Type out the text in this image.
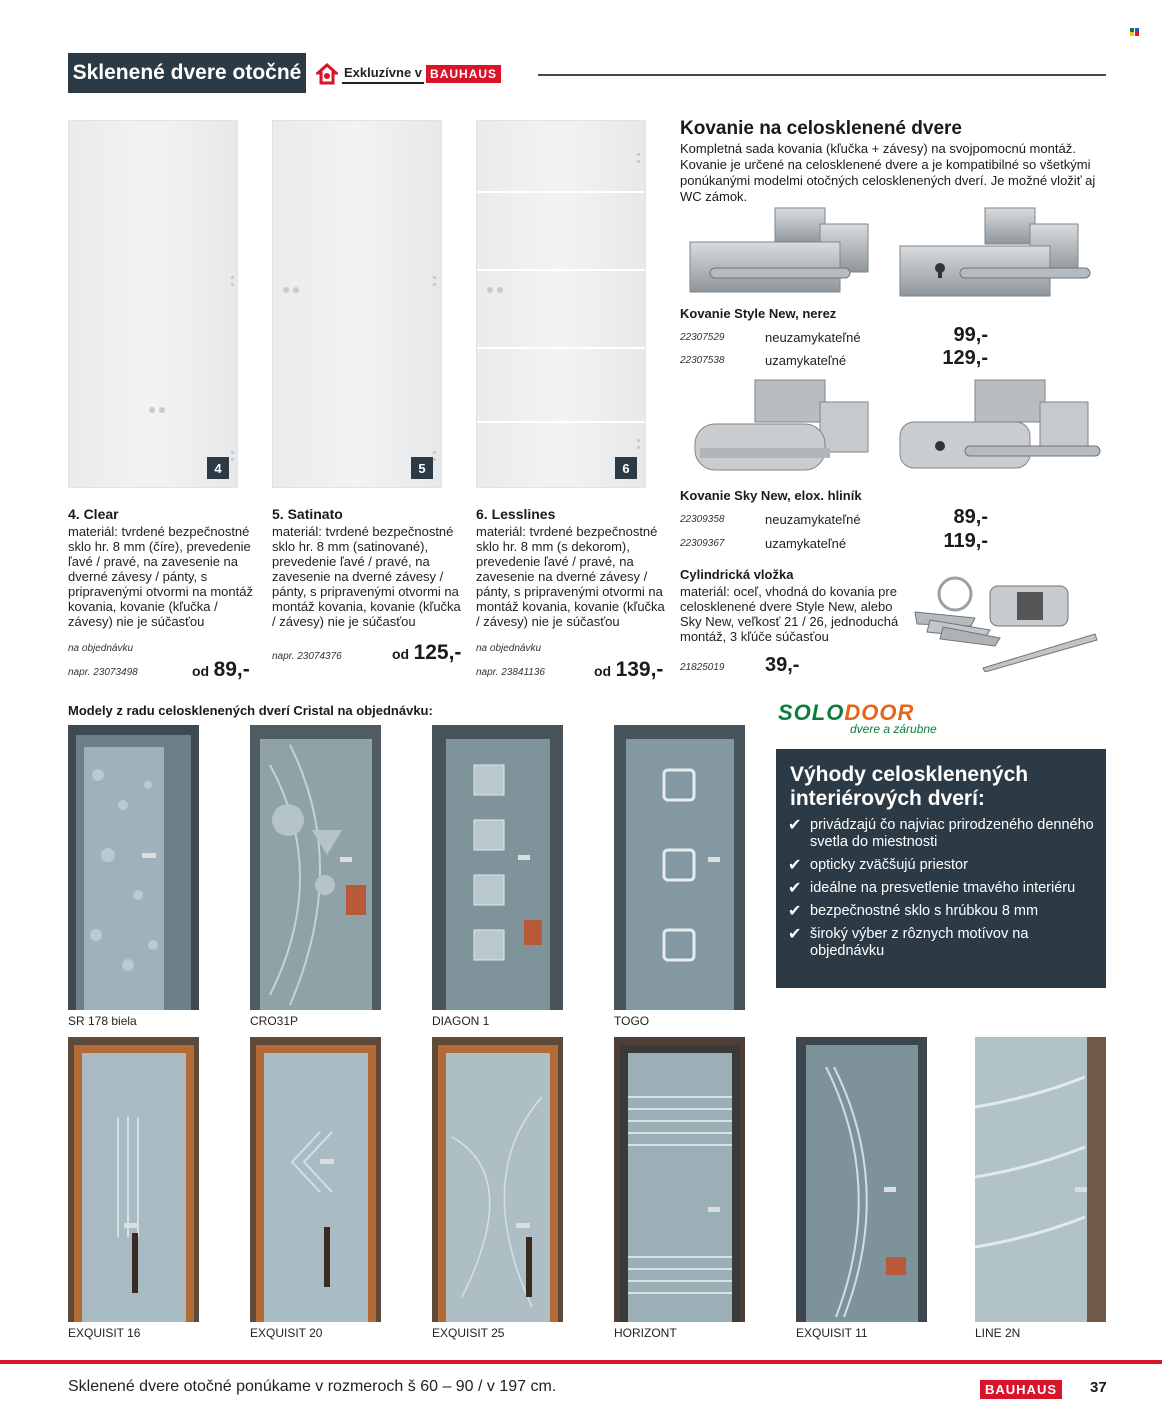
Sklenené dvere otočné	Exkluzívne v BAUHAUS
4	5	6
4. Clear
materiál: tvrdené bezpečnostné sklo hr. 8 mm (číre), prevedenie ľavé / pravé, na zavesenie na dverné závesy / pánty, s pripravenými otvormi na montáž kovania, kovanie (kľučka / závesy) nie je súčasťou
na objednávku
napr. 23073498	od 89,-
5. Satinato
materiál: tvrdené bezpečnostné sklo hr. 8 mm (satinované), prevedenie ľavé / pravé, na zavesenie na dverné závesy / pánty, s pripravenými otvormi na montáž kovania, kovanie (kľučka / závesy) nie je súčasťou
napr. 23074376	od 125,-
6. Lesslines
materiál: tvrdené bezpečnostné sklo hr. 8 mm (s dekorom), prevedenie ľavé / pravé, na zavesenie na dverné závesy / pánty, s pripravenými otvormi na montáž kovania, kovanie (kľučka / závesy) nie je súčasťou
na objednávku
napr. 23841136	od 139,-
Kovanie na celosklenené dvere
Kompletná sada kovania (kľučka + závesy) na svojpomocnú montáž. Kovanie je určené na celosklenené dvere a je kompatibilné so všetkými ponúkanými modelmi otočných celosklenených dverí. Je možné vložiť aj WC zámok.
Kovanie Style New, nerez
22307529	neuzamykateľné	99,-
22307538	uzamykateľné	129,-
Kovanie Sky New, elox. hliník
22309358	neuzamykateľné	89,-
22309367	uzamykateľné	119,-
Cylindrická vložka
materiál: oceľ, vhodná do kovania pre celosklenené dvere Style New, alebo Sky New, veľkosť 21 / 26, jednoduchá montáž, 3 kľúče súčasťou
21825019 39,-
SOLODOOR
dvere a zárubne
Výhody celosklenených interiérových dverí:
✔ privádzajú čo najviac prirodzeného denného svetla do miestnosti
✔ opticky zväčšujú priestor
✔ ideálne na presvetlenie tmavého interiéru
✔ bezpečnostné sklo s hrúbkou 8 mm
✔ široký výber z rôznych motívov na objednávku
Modely z radu celosklenených dverí Cristal na objednávku:
SR 178 biela	CRO31P	DIAGON 1	TOGO
EXQUISIT 16	EXQUISIT 20	EXQUISIT 25	HORIZONT	EXQUISIT 11	LINE 2N
Sklenené dvere otočné ponúkame v rozmeroch š 60 – 90 / v 197 cm.	BAUHAUS	37
